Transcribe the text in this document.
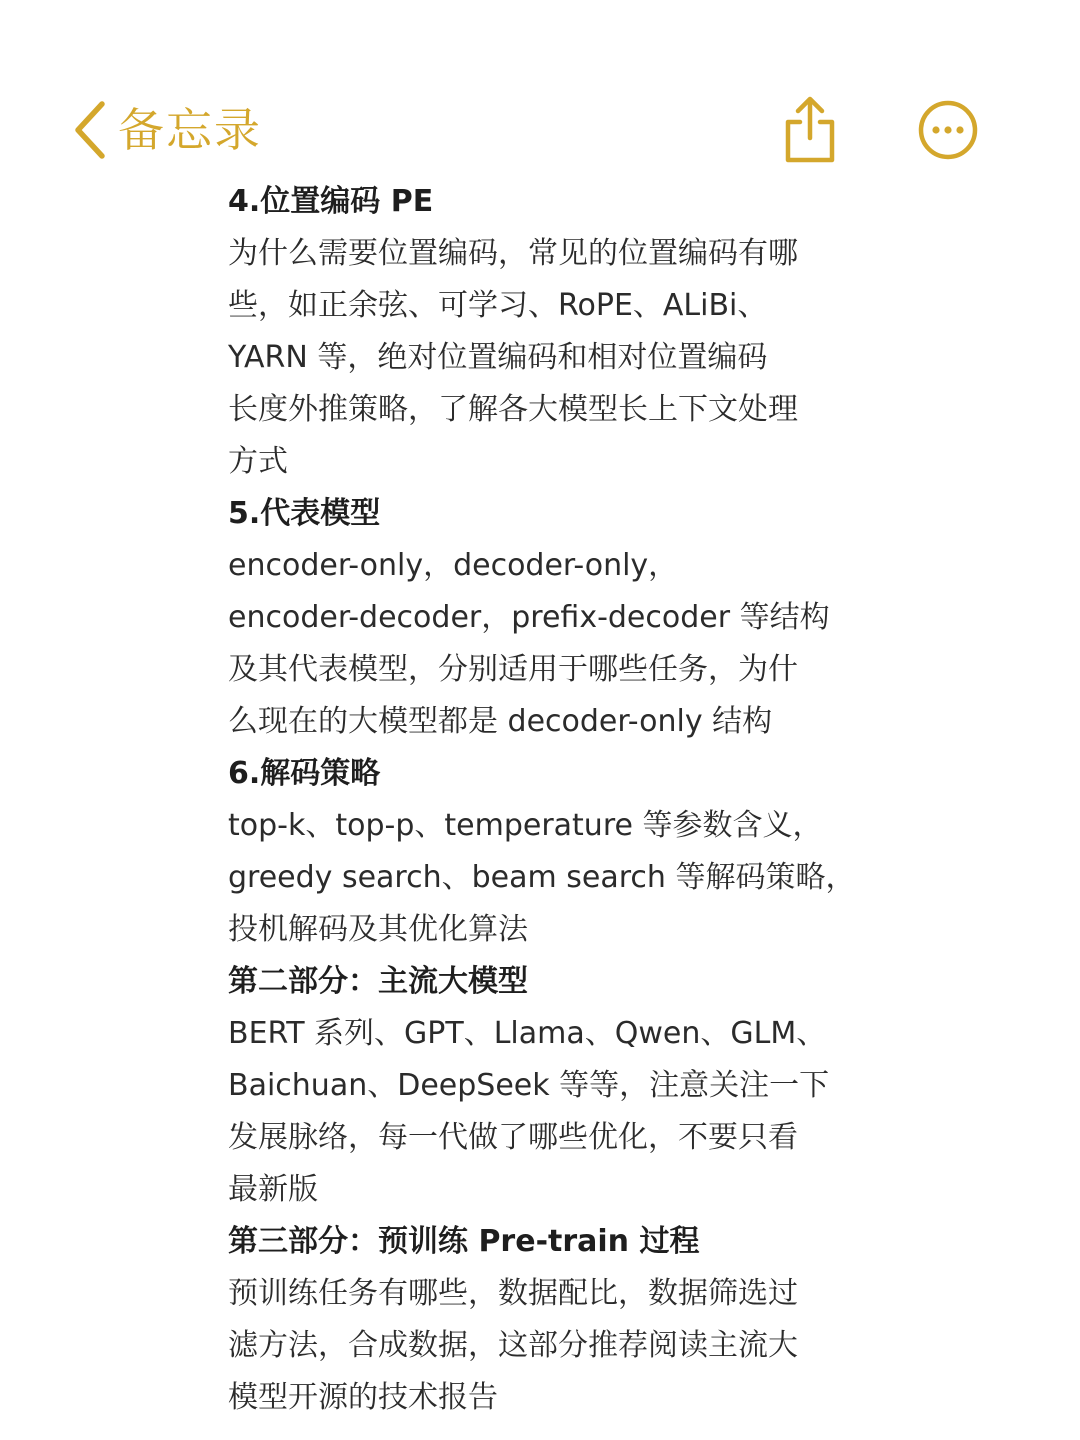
备忘录
4.位置编码 PE
为什么需要位置编码，常见的位置编码有哪
些，如正余弦、可学习、RoPE、ALiBi、
YARN 等，绝对位置编码和相对位置编码
长度外推策略，了解各大模型长上下文处理
方式
5.代表模型
encoder-only，decoder-only，
encoder-decoder，prefix-decoder 等结构
及其代表模型，分别适用于哪些任务，为什
么现在的大模型都是 decoder-only 结构
6.解码策略
top-k、top-p、temperature 等参数含义，
greedy search、beam search 等解码策略，
投机解码及其优化算法
第二部分：主流大模型
BERT 系列、GPT、Llama、Qwen、GLM、
Baichuan、DeepSeek 等等，注意关注一下
发展脉络，每一代做了哪些优化，不要只看
最新版
第三部分：预训练 Pre-train 过程
预训练任务有哪些，数据配比，数据筛选过
滤方法，合成数据，这部分推荐阅读主流大
模型开源的技术报告
